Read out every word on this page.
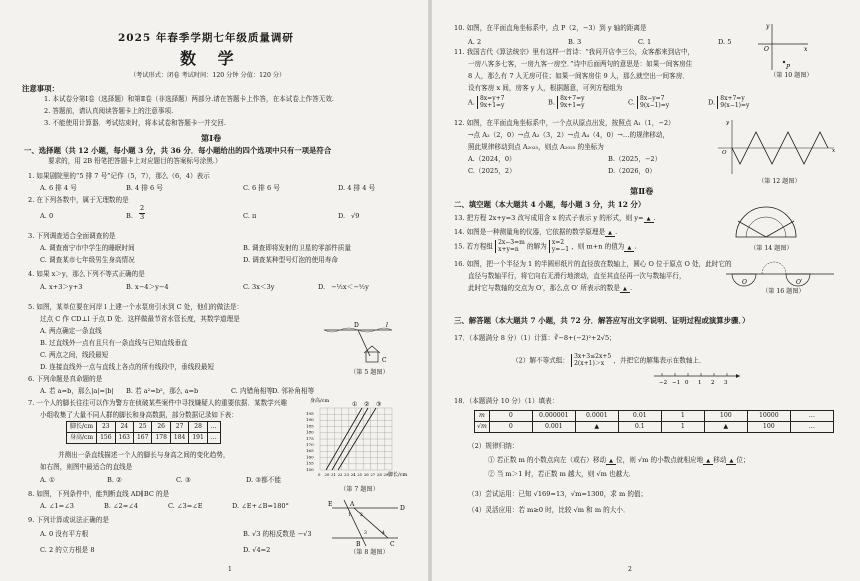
2025 年春季学期七年级质量调研
数 学
（考试形式：闭卷 考试时间：120 分钟 分值：120 分）
注意事项：
1. 本试卷分第Ⅰ卷（选择题）和第Ⅱ卷（非选择题）两部分.请在答题卡上作答，在本试卷上作答无效.
2. 答题前，请认真阅读答题卡上的注意事项.
3. 不能使用计算器．考试结束时，将本试卷和答题卡一并交回.
第Ⅰ卷
一、选择题（共 12 小题，每小题 3 分，共 36 分．每小题给出的四个选项中只有一项是符合
要求的，用 2B 铅笔把答题卡上对应题目的答案标号涂黑.）
1. 如果剧院里的“5 排 7 号”记作（5，7），那么（6，4）表示
A. 6 排 4 号	B. 4 排 6 号	C. 6 排 6 号	D. 4 排 4 号
2. 在下列各数中，属于无理数的是
A. 0	B.
2
3	C. π	D. √9
3. 下列调查适合全面调查的是
A. 调查南宁市中学生的睡眠时间	B. 调查即将发射的卫星的零部件质量
C. 调查某市七年级男生身高情况	D. 调查某种型号灯泡的使用寿命
4. 如果 x＞y，那么下列不等式正确的是
A. x+3＞y+3	B. x−4＞y−4	C. 3x＜3y	D. −½x＜−½y
5. 如图，某单位要在河岸 l 上建一个水泵房引水到 C 处，他们的做法是：
过点 C 作 CD⊥l 于点 D 处．这样做最节省水管长度，其数学道理是
A. 两点确定一条直线
B. 过直线外一点有且只有一条直线与已知直线垂直
C. 两点之间，线段最短
D. 连接直线外一点与直线上各点的所有线段中，垂线段最短
C
D	l
（第 5 题图）
6. 下列命题是真命题的是
A. 若 a=b，那么|a|=|b| B. 若 a²=b²，那么 a=b	C. 内错角相等 D. 邻补角相等
7. 一个人的脚长往往可以作为警方在侦破某些案件中寻找嫌疑人的重要依据．某数学兴趣
小组收集了大量不同人群的脚长和身高数据，部分数据记录如下表：
脚长/cm	23	24	25	26	27	28	…
身高/cm	156	163	167	178	184	191	…
并测出一条直线描述一个人的脚长与身高之间的变化趋势，
如右图，则图中最适合的直线是
A. ①	B. ②	C. ③	D. ③都不能
195
190
185
180
175
170
165
160
155
150
0 20 21 22 23 24 25 26 27 28 29
身高/cm
脚长/cm
① ② ③
（第 7 题图）
8. 如图，下列条件中，能判断直线 AD∥BC 的是
A. ∠1=∠3	B. ∠2=∠4	C. ∠3=∠E	D. ∠E+∠B=180°
9. 下列计算或说法正确的是
A. 0 没有平方根	B. √3 的相反数是 −√3
C. 2 的立方根是 8	D. √4=2
E	A
D
B	C
1 2
3	4
（第 8 题图）
1
10. 如图，在平面直角坐标系中，点 P（2，−3）到 y 轴的距离是
A. 2	B. 3	C. 1	D. 5
y
O	x
P
（第 10 题图）
11. 我国古代《算法统宗》里有这样一首诗：“我问开店李三公，众客都来到店中，
一房八客多七客，一房九客一房空．”诗中后面两句的意思是：如果一间客房住
8 人，那么有 7 人无房可住；如果一间客房住 9 人，那么就空出一间客房．
设有客房 x 间，房客 y 人，根据题意，可列方程组为
A.
8x=y+7
9x+1=y	B.
8x+7=y
9x+1=y	C.
8x−y=7
9(x−1)=y	D.
8x+7=y
9(x−1)=y
12. 如图，在平面直角坐标系中，一个点从原点出发，按照点 A₁（1，−2）
→点 A₂（2，0）→点 A₃（3，2）→点 A₄（4，0）→…的规律移动，
照此规律移动到点 A₂₀₂₅，则点 A₂₀₂₅ 的坐标为
A.（2024，0）	B.（2025，−2）
C.（2025，2）	D.（2026，0）
y
O	x
（第 12 题图）
第Ⅱ卷
二、填空题（本大题共 4 小题，每小题 3 分，共 12 分）
13. 把方程 2x+y=3 改写成用含 x 的式子表示 y 的形式，则 y= ▲ .
14. 如图是一种测量角的仪器，它依据的数学原理是 ▲ .
15. 若方程组
2x−3=m
x+y=n	的解为
x=2
y=−1 ，则 m+n 的值为 ▲ .	（第 14 题图）
16. 如图，把一个半径为 1 的半圆形纸片的直径放在数轴上，圆心 O 位于原点 O 处，此时它的
直径与数轴平行，将它向右无滑行地滚动，直至其直径再一次与数轴平行，
此时它与数轴的交点为 O′，那么点 O′ 所表示的数是 ▲ .
O	O′
（第 16 题图）
三、解答题（本大题共 7 小题，共 72 分．解答应写出文字说明、证明过程或演算步骤．）
17．（本题满分 8 分）（1）计算：∛−8+(−2)²+2√5；
（2）解不等式组：
3x+3≤2x+5
2(x+1)＞x	，并把它的解集表示在数轴上．
−2 −1 0 1 2 3
18．（本题满分 10 分）（1）填表：
m	0	0.000001	0.0001	0.01	1	100	10000	…
√m	0	0.001	▲	0.1	1	▲	100	…
（2）规律归纳：
① 若正数 m 的小数点向左（或右）移动 ▲ 位，则 √m 的小数点就相应地 ▲ 移动 ▲ 位；
② 当 m＞1 时，若正数 m 越大，则 √m 也越大．
（3）尝试运用：已知 √169=13，√m=1300，求 m 的值；
（4）灵活应用：若 m≥0 时，比较 √m 和 m 的大小．
2
